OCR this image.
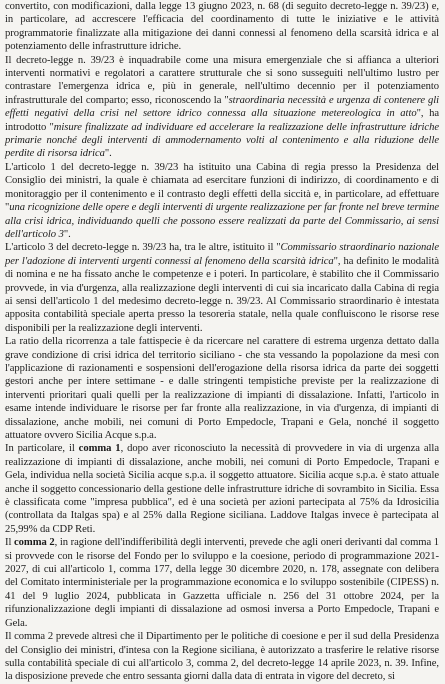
convertito, con modificazioni, dalla legge 13 giugno 2023, n. 68 (di seguito decreto-legge n. 39/23) e, in particolare, ad accrescere l'efficacia del coordinamento di tutte le iniziative e le attività programmatorie finalizzate alla mitigazione dei danni connessi al fenomeno della scarsità idrica e al potenziamento delle infrastrutture idriche.
Il decreto-legge n. 39/23 è inquadrabile come una misura emergenziale che si affianca a ulteriori interventi normativi e regolatori a carattere strutturale che si sono susseguiti nell'ultimo lustro per contrastare l'emergenza idrica e, più in generale, nell'ultimo decennio per il potenziamento infrastrutturale del comparto; esso, riconoscendo la "straordinaria necessità e urgenza di contenere gli effetti negativi della crisi nel settore idrico connessa alla situazione metereologica in atto", ha introdotto "misure finalizzate ad individuare ed accelerare la realizzazione delle infrastrutture idriche primarie nonché degli interventi di ammodernamento volti al contenimento e alla riduzione delle perdite di risorsa idrica".
L'articolo 1 del decreto-legge n. 39/23 ha istituito una Cabina di regia presso la Presidenza del Consiglio dei ministri, la quale è chiamata ad esercitare funzioni di indirizzo, di coordinamento e di monitoraggio per il contenimento e il contrasto degli effetti della siccità e, in particolare, ad effettuare "una ricognizione delle opere e degli interventi di urgente realizzazione per far fronte nel breve termine alla crisi idrica, individuando quelli che possono essere realizzati da parte del Commissario, ai sensi dell'articolo 3".
L'articolo 3 del decreto-legge n. 39/23 ha, tra le altre, istituito il "Commissario straordinario nazionale per l'adozione di interventi urgenti connessi al fenomeno della scarsità idrica", ha definito le modalità di nomina e ne ha fissato anche le competenze e i poteri. In particolare, è stabilito che il Commissario provvede, in via d'urgenza, alla realizzazione degli interventi di cui sia incaricato dalla Cabina di regia ai sensi dell'articolo 1 del medesimo decreto-legge n. 39/23. Al Commissario straordinario è intestata apposita contabilità speciale aperta presso la tesoreria statale, nella quale confluiscono le risorse rese disponibili per la realizzazione degli interventi.
La ratio della ricorrenza a tale fattispecie è da ricercare nel carattere di estrema urgenza dettato dalla grave condizione di crisi idrica del territorio siciliano - che sta vessando la popolazione da mesi con l'applicazione di razionamenti e sospensioni dell'erogazione della risorsa idrica da parte dei soggetti gestori anche per intere settimane - e dalle stringenti tempistiche previste per la realizzazione di interventi prioritari quali quelli per la realizzazione di impianti di dissalazione. Infatti, l'articolo in esame intende individuare le risorse per far fronte alla realizzazione, in via d'urgenza, di impianti di dissalazione, anche mobili, nei comuni di Porto Empedocle, Trapani e Gela, nonché il soggetto attuatore ovvero Sicilia Acque s.p.a.
In particolare, il comma 1, dopo aver riconosciuto la necessità di provvedere in via di urgenza alla realizzazione di impianti di dissalazione, anche mobili, nei comuni di Porto Empedocle, Trapani e Gela, individua nella società Sicilia acque s.p.a. il soggetto attuatore. Sicilia acque s.p.a. è stato attuale anche il soggetto concessionario della gestione delle infrastrutture idriche di sovrambito in Sicilia. Essa è classificata come "impresa pubblica", ed è una società per azioni partecipata al 75% da Idrosicilia (controllata da Italgas spa) e al 25% dalla Regione siciliana. Laddove Italgas invece è partecipata al 25,99% da CDP Reti.
Il comma 2, in ragione dell'indifferibilità degli interventi, prevede che agli oneri derivanti dal comma 1 si provvede con le risorse del Fondo per lo sviluppo e la coesione, periodo di programmazione 2021-2027, di cui all'articolo 1, comma 177, della legge 30 dicembre 2020, n. 178, assegnate con delibera del Comitato interministeriale per la programmazione economica e lo sviluppo sostenibile (CIPESS) n. 41 del 9 luglio 2024, pubblicata in Gazzetta ufficiale n. 256 del 31 ottobre 2024, per la rifunzionalizzazione degli impianti di dissalazione ad osmosi inversa a Porto Empedocle, Trapani e Gela.
Il comma 2 prevede altresì che il Dipartimento per le politiche di coesione e per il sud della Presidenza del Consiglio dei ministri, d'intesa con la Regione siciliana, è autorizzato a trasferire le relative risorse sulla contabilità speciale di cui all'articolo 3, comma 2, del decreto-legge 14 aprile 2023, n. 39. Infine, la disposizione prevede che entro sessanta giorni dalla data di entrata in vigore del decreto, si
